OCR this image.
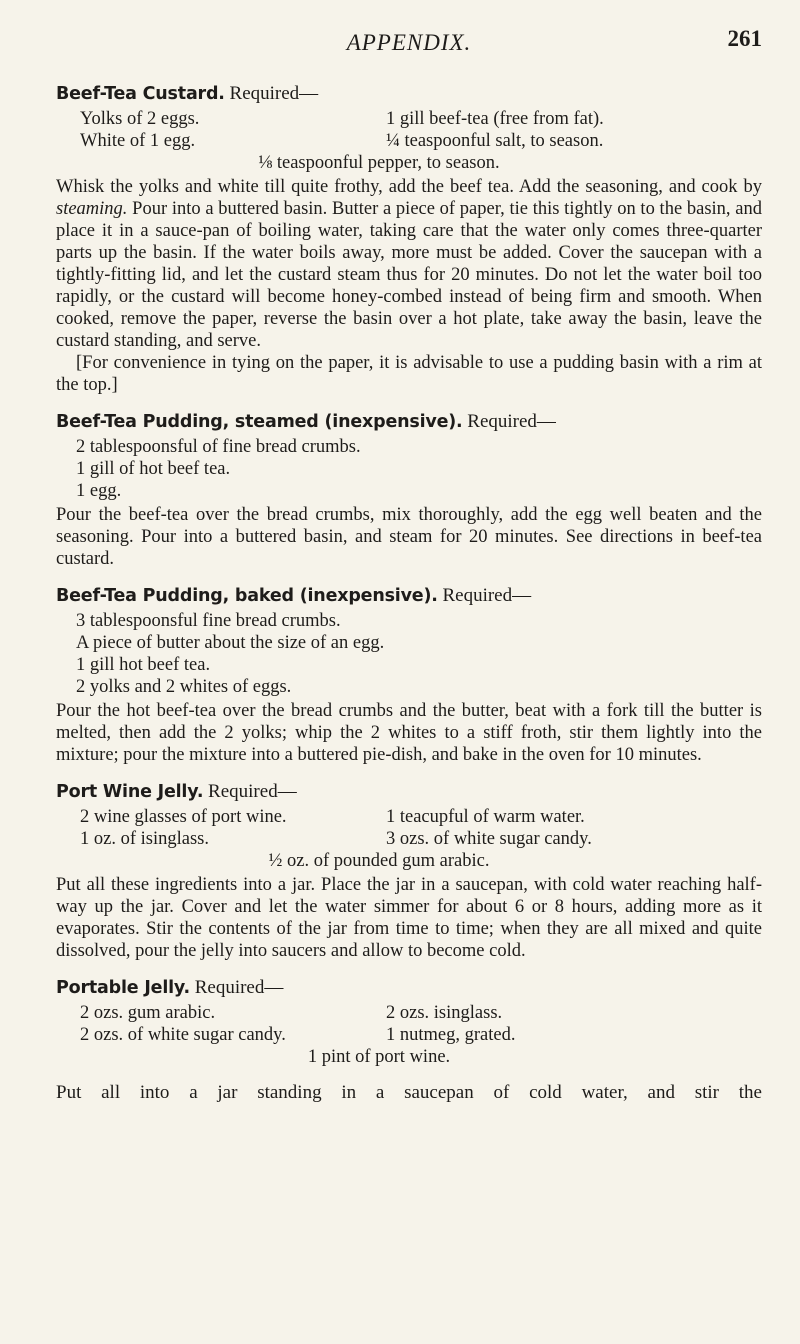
APPENDIX.	261
Beef-Tea Custard. Required—
Yolks of 2 eggs.	1 gill beef-tea (free from fat).
White of 1 egg.	¼ teaspoonful salt, to season.
⅛ teaspoonful pepper, to season.

Whisk the yolks and white till quite frothy, add the beef tea. Add the seasoning, and cook by steaming. Pour into a buttered basin. Butter a piece of paper, tie this tightly on to the basin, and place it in a sauce-pan of boiling water, taking care that the water only comes three-quarter parts up the basin. If the water boils away, more must be added. Cover the saucepan with a tightly-fitting lid, and let the custard steam thus for 20 minutes. Do not let the water boil too rapidly, or the custard will become honey-combed instead of being firm and smooth. When cooked, remove the paper, reverse the basin over a hot plate, take away the basin, leave the custard standing, and serve.

[For convenience in tying on the paper, it is advisable to use a pudding basin with a rim at the top.]

Beef-Tea Pudding, steamed (inexpensive). Required—
2 tablespoonsful of fine bread crumbs.
1 gill of hot beef tea.
1 egg.

Pour the beef-tea over the bread crumbs, mix thoroughly, add the egg well beaten and the seasoning. Pour into a buttered basin, and steam for 20 minutes. See directions in beef-tea custard.

Beef-Tea Pudding, baked (inexpensive). Required—
3 tablespoonsful fine bread crumbs.
A piece of butter about the size of an egg.
1 gill hot beef tea.
2 yolks and 2 whites of eggs.

Pour the hot beef-tea over the bread crumbs and the butter, beat with a fork till the butter is melted, then add the 2 yolks; whip the 2 whites to a stiff froth, stir them lightly into the mixture; pour the mixture into a buttered pie-dish, and bake in the oven for 10 minutes.

Port Wine Jelly. Required—
2 wine glasses of port wine.	1 teacupful of warm water.
1 oz. of isinglass.	3 ozs. of white sugar candy.
½ oz. of pounded gum arabic.

Put all these ingredients into a jar. Place the jar in a saucepan, with cold water reaching half-way up the jar. Cover and let the water simmer for about 6 or 8 hours, adding more as it evaporates. Stir the contents of the jar from time to time; when they are all mixed and quite dissolved, pour the jelly into saucers and allow to become cold.

Portable Jelly. Required—
2 ozs. gum arabic.	2 ozs. isinglass.
2 ozs. of white sugar candy.	1 nutmeg, grated.
1 pint of port wine.

Put all into a jar standing in a saucepan of cold water, and stir the
